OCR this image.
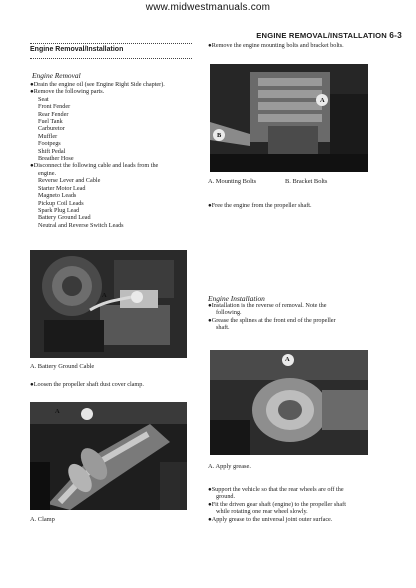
www.midwestmanuals.com
ENGINE REMOVAL/INSTALLATION 6-3
Engine Removal/Installation
Engine Removal

●Drain the engine oil (see Engine Right Side chapter).

●Remove the following parts.

Seat

Front Fender

Rear Fender

Fuel Tank

Carburetor

Muffler

Footpegs

Shift Pedal

Breather Hose

●Disconnect the following cable and leads from the

engine.

Reverse Lever and Cable

Starter Motor Lead

Magneto Leads

Pickup Coil Leads

Spark Plug Lead

Battery Ground Lead

Neutral and Reverse Switch Leads

A
A. Battery Ground Cable
●Loosen the propeller shaft dust cover clamp.
A
A. Clamp
●Remove the engine mounting bolts and bracket bolts.
A
B
A. Mounting Bolts	B. Bracket Bolts
●Free the engine from the propeller shaft.
Engine Installation

●Installation is the reverse of removal. Note the

following.

●Grease the splines at the front end of the propeller

shaft.

A
A. Apply grease.

●Support the vehicle so that the rear wheels are off the

ground.

●Fit the driven gear shaft (engine) to the propeller shaft

while rotating one rear wheel slowly.

●Apply grease to the universal joint outer surface.
